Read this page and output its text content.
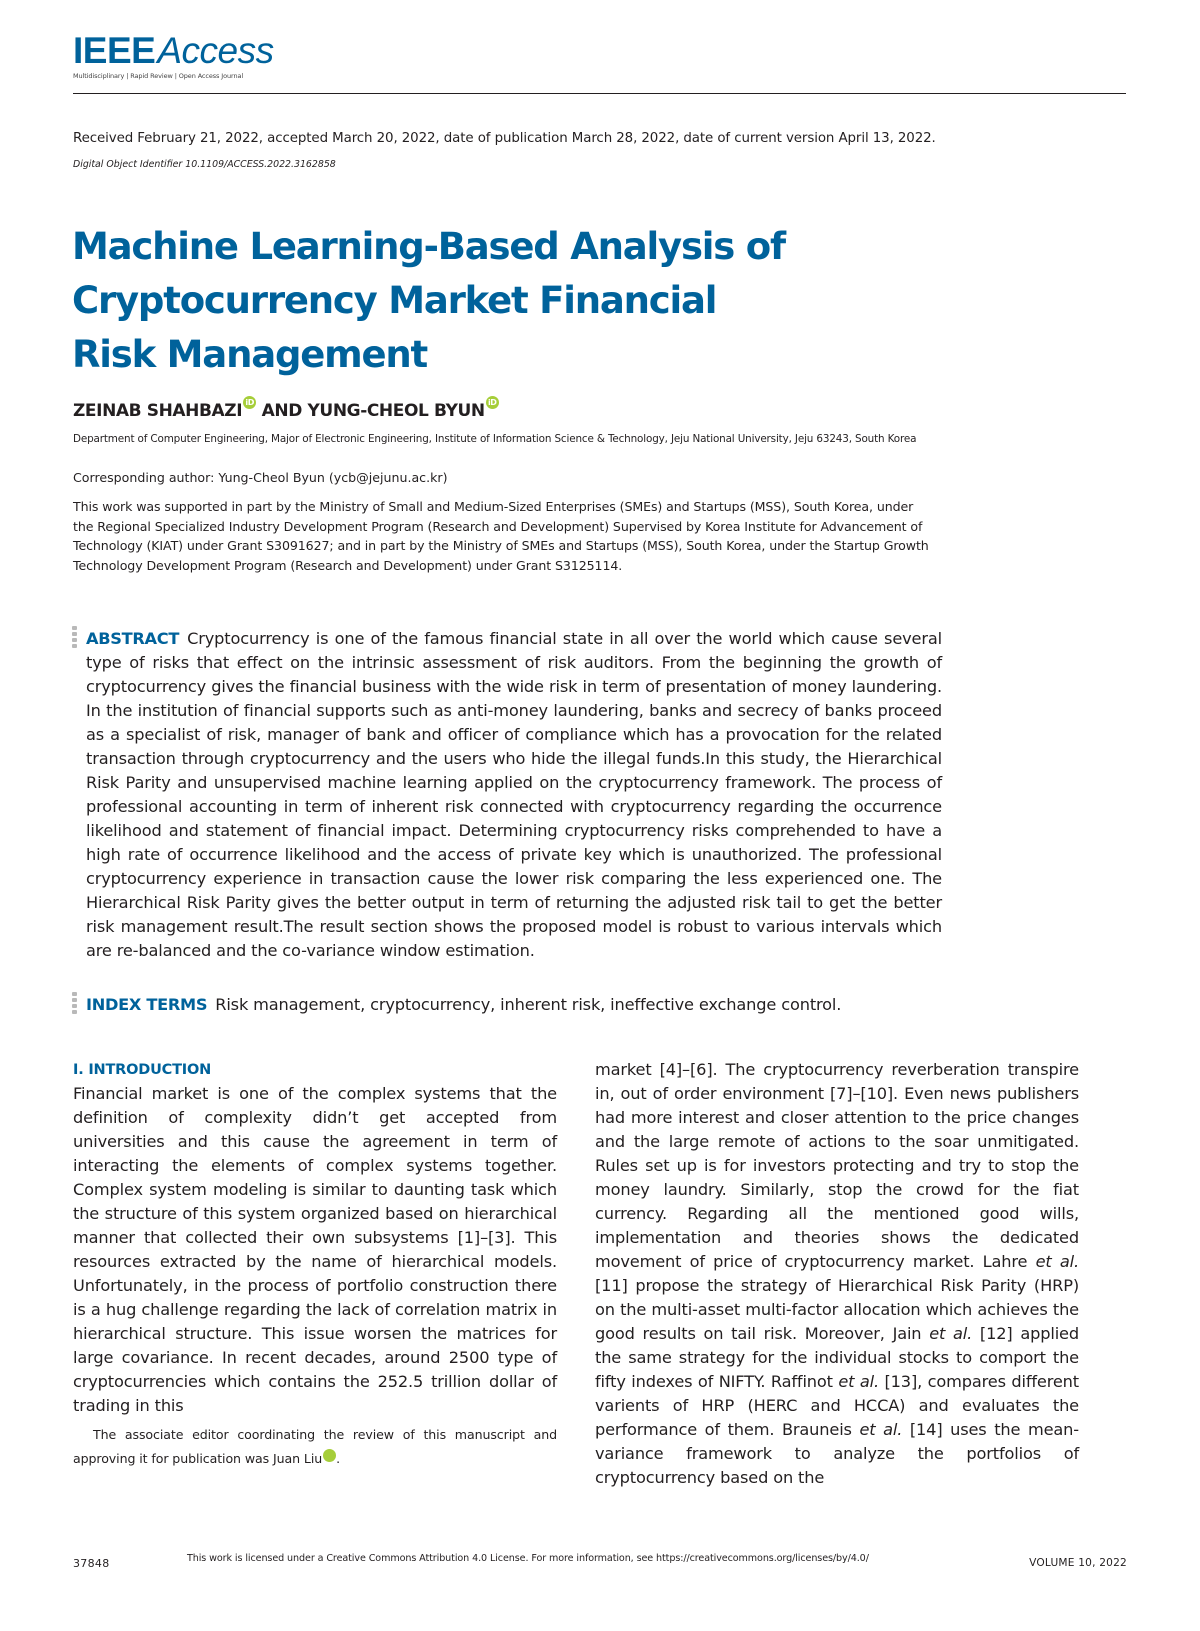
IEEE Access
Multidisciplinary | Rapid Review | Open Access Journal
Received February 21, 2022, accepted March 20, 2022, date of publication March 28, 2022, date of current version April 13, 2022.
Digital Object Identifier 10.1109/ACCESS.2022.3162858
Machine Learning-Based Analysis of
Cryptocurrency Market Financial
Risk Management
ZEINAB SHAHBAZI iD AND YUNG-CHEOL BYUN iD
Department of Computer Engineering, Major of Electronic Engineering, Institute of Information Science & Technology, Jeju National University, Jeju 63243, South Korea
Corresponding author: Yung-Cheol Byun (ycb@jejunu.ac.kr)
This work was supported in part by the Ministry of Small and Medium-Sized Enterprises (SMEs) and Startups (MSS), South Korea, under the Regional Specialized Industry Development Program (Research and Development) Supervised by Korea Institute for Advancement of Technology (KIAT) under Grant S3091627; and in part by the Ministry of SMEs and Startups (MSS), South Korea, under the Startup Growth Technology Development Program (Research and Development) under Grant S3125114.
ABSTRACT Cryptocurrency is one of the famous financial state in all over the world which cause several type of risks that effect on the intrinsic assessment of risk auditors. From the beginning the growth of cryptocurrency gives the financial business with the wide risk in term of presentation of money laundering. In the institution of financial supports such as anti-money laundering, banks and secrecy of banks proceed as a specialist of risk, manager of bank and officer of compliance which has a provocation for the related transaction through cryptocurrency and the users who hide the illegal funds.In this study, the Hierarchical Risk Parity and unsupervised machine learning applied on the cryptocurrency framework. The process of professional accounting in term of inherent risk connected with cryptocurrency regarding the occurrence likelihood and statement of financial impact. Determining cryptocurrency risks comprehended to have a high rate of occurrence likelihood and the access of private key which is unauthorized. The professional cryptocurrency experience in transaction cause the lower risk comparing the less experienced one. The Hierarchical Risk Parity gives the better output in term of returning the adjusted risk tail to get the better risk management result.The result section shows the proposed model is robust to various intervals which are re-balanced and the co-variance window estimation.
INDEX TERMS Risk management, cryptocurrency, inherent risk, ineffective exchange control.
I. INTRODUCTION
Financial market is one of the complex systems that the definition of complexity didn’t get accepted from universities and this cause the agreement in term of interacting the elements of complex systems together. Complex system modeling is similar to daunting task which the structure of this system organized based on hierarchical manner that collected their own subsystems [1]–[3]. This resources extracted by the name of hierarchical models. Unfortunately, in the process of portfolio construction there is a hug challenge regarding the lack of correlation matrix in hierarchical structure. This issue worsen the matrices for large covariance. In recent decades, around 2500 type of cryptocurrencies which contains the 252.5 trillion dollar of trading in this
market [4]–[6]. The cryptocurrency reverberation transpire in, out of order environment [7]–[10]. Even news publishers had more interest and closer attention to the price changes and the large remote of actions to the soar unmitigated. Rules set up is for investors protecting and try to stop the money laundry. Similarly, stop the crowd for the fiat currency. Regarding all the mentioned good wills, implementation and theories shows the dedicated movement of price of cryptocurrency market. Lahre et al. [11] propose the strategy of Hierarchical Risk Parity (HRP) on the multi-asset multi-factor allocation which achieves the good results on tail risk. Moreover, Jain et al. [12] applied the same strategy for the individual stocks to comport the fifty indexes of NIFTY. Raffinot et al. [13], compares different varients of HRP (HERC and HCCA) and evaluates the performance of them. Brauneis et al. [14] uses the mean-variance framework to analyze the portfolios of cryptocurrency based on the
The associate editor coordinating the review of this manuscript and approving it for publication was Juan Liu	iD.
37848	This work is licensed under a Creative Commons Attribution 4.0 License. For more information, see https://creativecommons.org/licenses/by/4.0/	VOLUME 10, 2022
